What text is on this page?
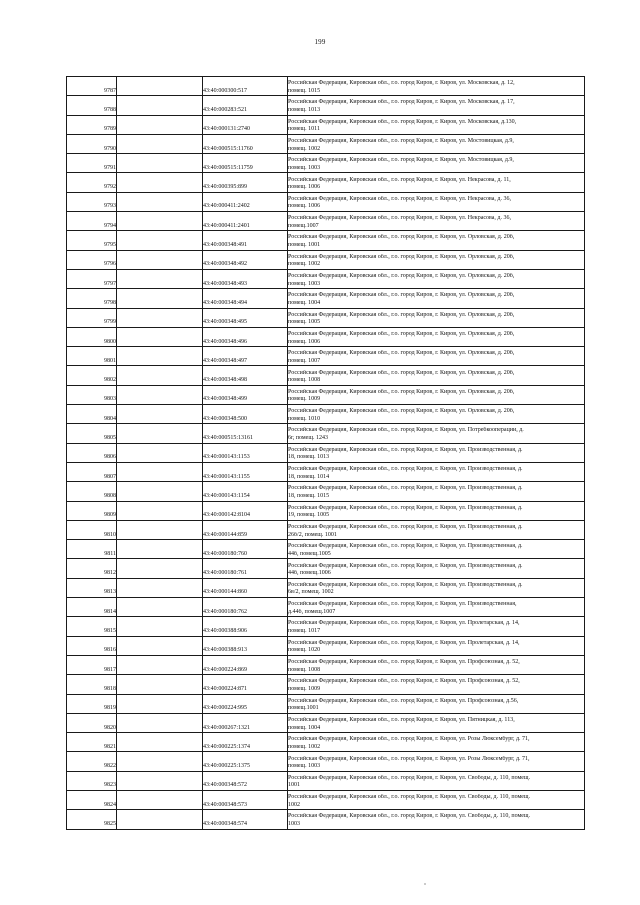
199
9787		43:40:000300:517	Российская Федерация, Кировская обл., г.о. город Киров, г. Киров, ул. Московская, д. 12,
помещ. 1015

9788		43:40:000283:521	Российская Федерация, Кировская обл., г.о. город Киров, г. Киров, ул. Московская, д. 17,
помещ. 1013

9789		43:40:000131:2740	Российская Федерация, Кировская обл., г.о. город Киров, г. Киров, ул. Московская, д.130,
помещ. 1011

9790		43:40:000515:11760	Российская Федерация, Кировская обл., г.о. город Киров, г. Киров, ул. Мостовицкая, д.9,
помещ. 1002

9791		43:40:000515:11759	Российская Федерация, Кировская обл., г.о. город Киров, г. Киров, ул. Мостовицкая, д.9,
помещ. 1003

9792		43:40:000395:899	Российская Федерация, Кировская обл., г.о. город Киров, г. Киров, ул. Некрасова, д. 11,
помещ. 1006

9793		43:40:000411:2402	Российская Федерация, Кировская обл., г.о. город Киров, г. Киров, ул. Некрасова, д. 36,
помещ. 1006

9794		43:40:000411:2401	Российская Федерация, Кировская обл., г.о. город Киров, г. Киров, ул. Некрасова, д. 36,
помещ.1007

9795		43:40:000348:491	Российская Федерация, Кировская обл., г.о. город Киров, г. Киров, ул. Орловская, д. 20б,
помещ. 1001

9796		43:40:000348:492	Российская Федерация, Кировская обл., г.о. город Киров, г. Киров, ул. Орловская, д. 20б,
помещ. 1002

9797		43:40:000348:493	Российская Федерация, Кировская обл., г.о. город Киров, г. Киров, ул. Орловская, д. 20б,
помещ. 1003

9798		43:40:000348:494	Российская Федерация, Кировская обл., г.о. город Киров, г. Киров, ул. Орловская, д. 20б,
помещ. 1004

9799		43:40:000348:495	Российская Федерация, Кировская обл., г.о. город Киров, г. Киров, ул. Орловская, д. 20б,
помещ. 1005

9800		43:40:000348:496	Российская Федерация, Кировская обл., г.о. город Киров, г. Киров, ул. Орловская, д. 20б,
помещ. 1006

9801		43:40:000348:497	Российская Федерация, Кировская обл., г.о. город Киров, г. Киров, ул. Орловская, д. 20б,
помещ. 1007

9802		43:40:000348:498	Российская Федерация, Кировская обл., г.о. город Киров, г. Киров, ул. Орловская, д. 20б,
помещ. 1008

9803		43:40:000348:499	Российская Федерация, Кировская обл., г.о. город Киров, г. Киров, ул. Орловская, д. 20б,
помещ. 1009

9804		43:40:000348:500	Российская Федерация, Кировская обл., г.о. город Киров, г. Киров, ул. Орловская, д. 20б,
помещ. 1010

9805		43:40:000515:13161	Российская Федерация, Кировская обл., г.о. город Киров, г. Киров, ул. Потребкооперации, д.
6г, помещ. 1243

9806		43:40:000143:1153	Российская Федерация, Кировская обл., г.о. город Киров, г. Киров, ул. Производственная, д.
18, помещ. 1013

9807		43:40:000143:1155	Российская Федерация, Кировская обл., г.о. город Киров, г. Киров, ул. Производственная, д.
18, помещ. 1014

9808		43:40:000143:1154	Российская Федерация, Кировская обл., г.о. город Киров, г. Киров, ул. Производственная, д.
18, помещ. 1015

9809		43:40:000142:8104	Российская Федерация, Кировская обл., г.о. город Киров, г. Киров, ул. Производственная, д.
19, помещ. 1005

9810		43:40:000144:859	Российская Федерация, Кировская обл., г.о. город Киров, г. Киров, ул. Производственная, д.
26б/2, помещ. 1001

9811		43:40:000180:760	Российская Федерация, Кировская обл., г.о. город Киров, г. Киров, ул. Производственная, д.
44б, помещ.1005

9812		43:40:000180:761	Российская Федерация, Кировская обл., г.о. город Киров, г. Киров, ул. Производственная, д.
44б, помещ.1006

9813		43:40:000144:860	Российская Федерация, Кировская обл., г.о. город Киров, г. Киров, ул. Производственная, д.
6в/2, помещ. 1002

9814		43:40:000180:762	Российская Федерация, Кировская обл., г.о. город Киров, г. Киров, ул. Производственная,
д.44б, помещ.1007

9815		43:40:000388:906	Российская Федерация, Кировская обл., г.о. город Киров, г. Киров, ул. Пролетарская, д. 14,
помещ. 1017

9816		43:40:000388:913	Российская Федерация, Кировская обл., г.о. город Киров, г. Киров, ул. Пролетарская, д. 14,
помещ. 1020

9817		43:40:000224:869	Российская Федерация, Кировская обл., г.о. город Киров, г. Киров, ул. Профсоюзная, д. 52,
помещ. 1008

9818		43:40:000224:871	Российская Федерация, Кировская обл., г.о. город Киров, г. Киров, ул. Профсоюзная, д. 52,
помещ. 1009

9819		43:40:000224:995	Российская Федерация, Кировская обл., г.о. город Киров, г. Киров, ул. Профсоюзная, д.56,
помещ.1001

9820		43:40:000267:1321	Российская Федерация, Кировская обл., г.о. город Киров, г. Киров, ул. Пятницкая, д. 113,
помещ. 1004

9821		43:40:000225:1374	Российская Федерация, Кировская обл., г.о. город Киров, г. Киров, ул. Розы Люксембург, д. 71,
помещ. 1002

9822		43:40:000225:1375	Российская Федерация, Кировская обл., г.о. город Киров, г. Киров, ул. Розы Люксембург, д. 71,
помещ. 1003

9823		43:40:000348:572	Российская Федерация, Кировская обл., г.о. город Киров, г. Киров, ул. Свободы, д. 110, помещ.
1001

9824		43:40:000348:573	Российская Федерация, Кировская обл., г.о. город Киров, г. Киров, ул. Свободы, д. 110, помещ.
1002

9825		43:40:000348:574	Российская Федерация, Кировская обл., г.о. город Киров, г. Киров, ул. Свободы, д. 110, помещ.
1003
